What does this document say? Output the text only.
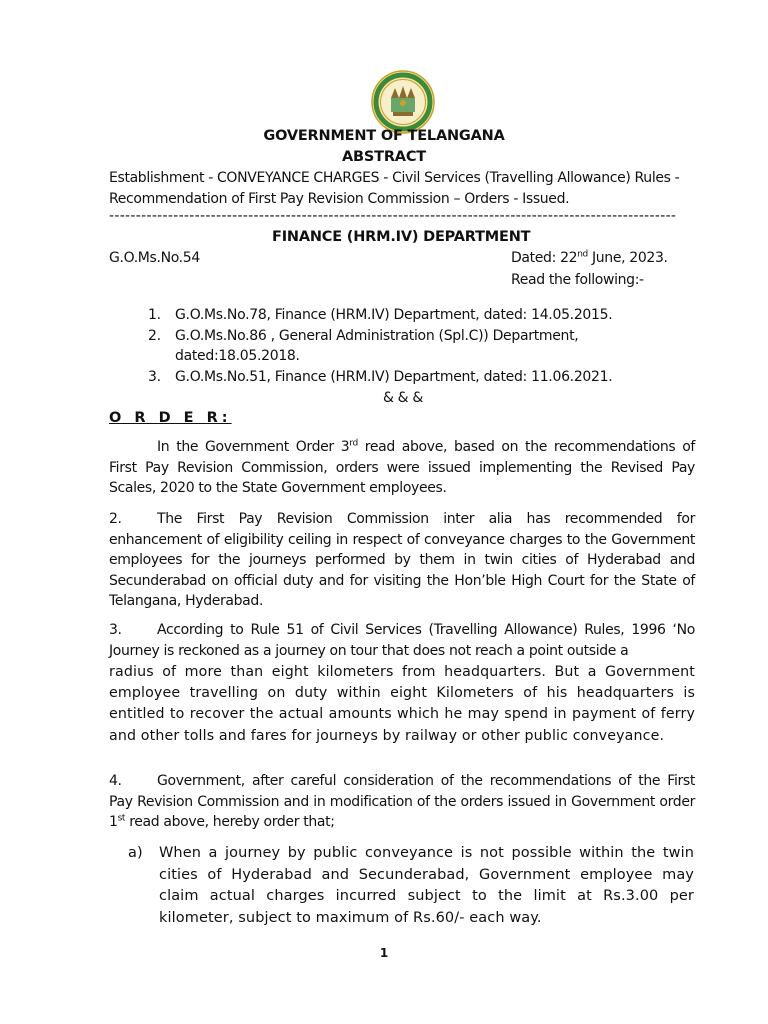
GOVERNMENT OF TELANGANA
ABSTRACT
Establishment - CONVEYANCE CHARGES - Civil Services (Travelling Allowance) Rules -
Recommendation of First Pay Revision Commission – Orders - Issued.
----------------------------------------------------------------------------------------------------------
FINANCE (HRM.IV) DEPARTMENT
G.O.Ms.No.54	Dated: 22nd June, 2023.
Read the following:-
1. G.O.Ms.No.78, Finance (HRM.IV) Department, dated: 14.05.2015.
2. G.O.Ms.No.86 , General Administration (Spl.C)) Department,
dated:18.05.2018.
3. G.O.Ms.No.51, Finance (HRM.IV) Department, dated: 11.06.2021.
& & &
O R D E R:
In the Government Order 3rd read above, based on the recommendations of First Pay Revision Commission, orders were issued implementing the Revised Pay Scales, 2020 to the State Government employees.
2.	The First Pay Revision Commission inter alia has recommended for enhancement of eligibility ceiling in respect of conveyance charges to the Government employees for the journeys performed by them in twin cities of Hyderabad and Secunderabad on official duty and for visiting the Hon’ble High Court for the State of Telangana, Hyderabad.
3.	According to Rule 51 of Civil Services (Travelling Allowance) Rules, 1996 ‘No Journey is reckoned as a journey on tour that does not reach a point outside a
radius of more than eight kilometers from headquarters. But a Government employee travelling on duty within eight Kilometers of his headquarters is entitled to recover the actual amounts which he may spend in payment of ferry and other tolls and fares for journeys by railway or other public conveyance.
4.	Government, after careful consideration of the recommendations of the First Pay Revision Commission and in modification of the orders issued in Government order 1st read above, hereby order that;
a) When a journey by public conveyance is not possible within the twin cities of Hyderabad and Secunderabad, Government employee may claim actual charges incurred subject to the limit at Rs.3.00 per kilometer, subject to maximum of Rs.60/- each way.
1
